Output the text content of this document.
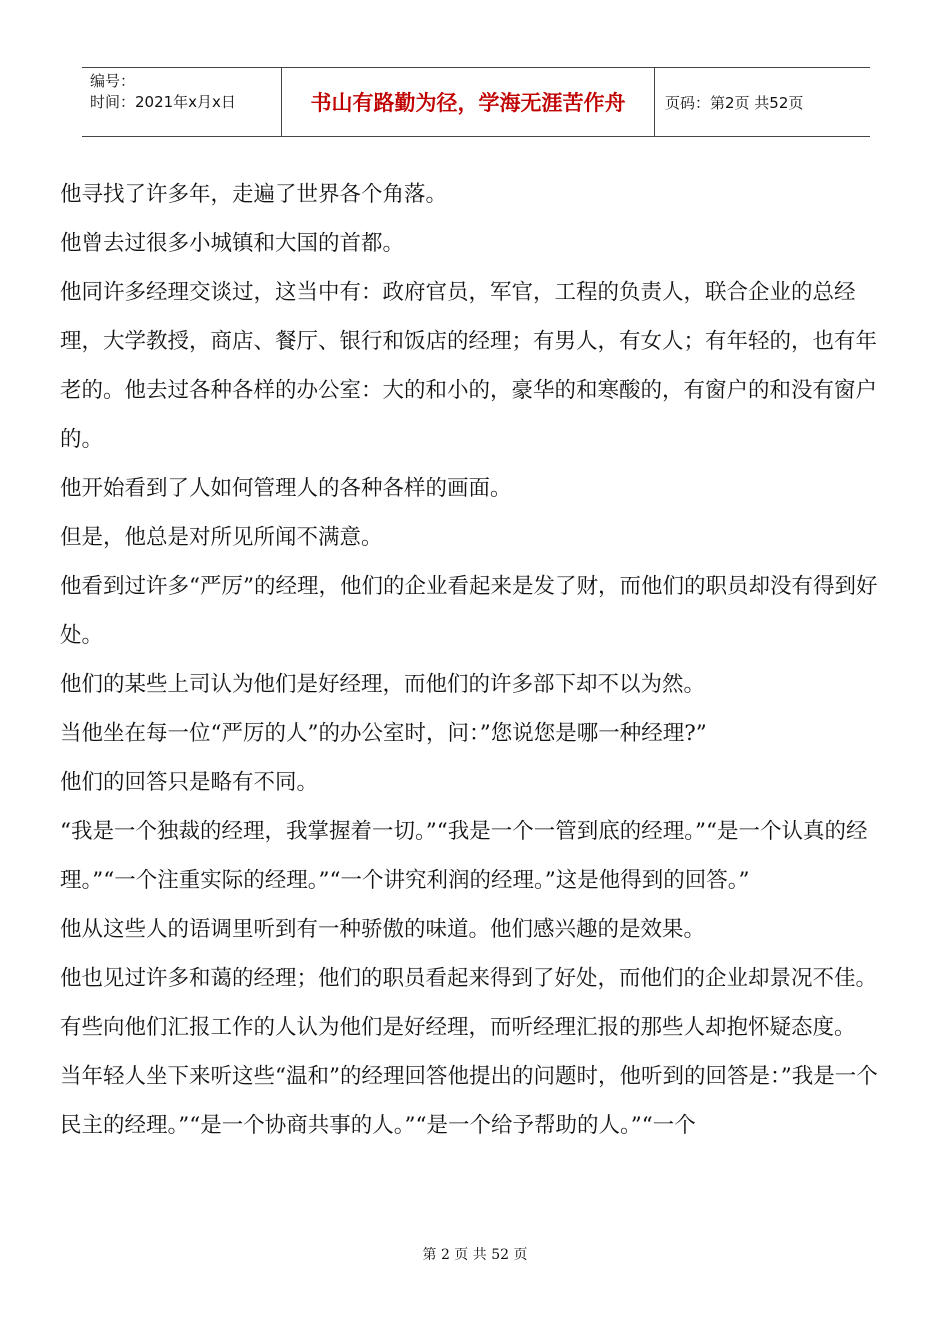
编号：
时间：2021年x月x日	书山有路勤为径，学海无涯苦作舟	页码：第2页 共52页

他寻找了许多年，走遍了世界各个角落。

他曾去过很多小城镇和大国的首都。

他同许多经理交谈过，这当中有：政府官员，军官，工程的负责人，联合企业的总经理，大学教授，商店、餐厅、银行和饭店的经理；有男人，有女人；有年轻的，也有年老的。他去过各种各样的办公室：大的和小的，豪华的和寒酸的，有窗户的和没有窗户的。

他开始看到了人如何管理人的各种各样的画面。

但是，他总是对所见所闻不满意。

他看到过许多“严厉”的经理，他们的企业看起来是发了财，而他们的职员却没有得到好处。

他们的某些上司认为他们是好经理，而他们的许多部下却不以为然。

当他坐在每一位“严厉的人”的办公室时，问：”您说您是哪一种经理?”

他们的回答只是略有不同。

“我是一个独裁的经理，我掌握着一切。”“我是一个一管到底的经理。”“是一个认真的经理。”“一个注重实际的经理。”“一个讲究利润的经理。”这是他得到的回答。”

他从这些人的语调里听到有一种骄傲的味道。他们感兴趣的是效果。

他也见过许多和蔼的经理；他们的职员看起来得到了好处，而他们的企业却景况不佳。

有些向他们汇报工作的人认为他们是好经理，而听经理汇报的那些人却抱怀疑态度。

当年轻人坐下来听这些“温和”的经理回答他提出的问题时，他听到的回答是：”我是一个民主的经理。”“是一个协商共事的人。”“是一个给予帮助的人。”“一个

第 2 页 共 52 页
